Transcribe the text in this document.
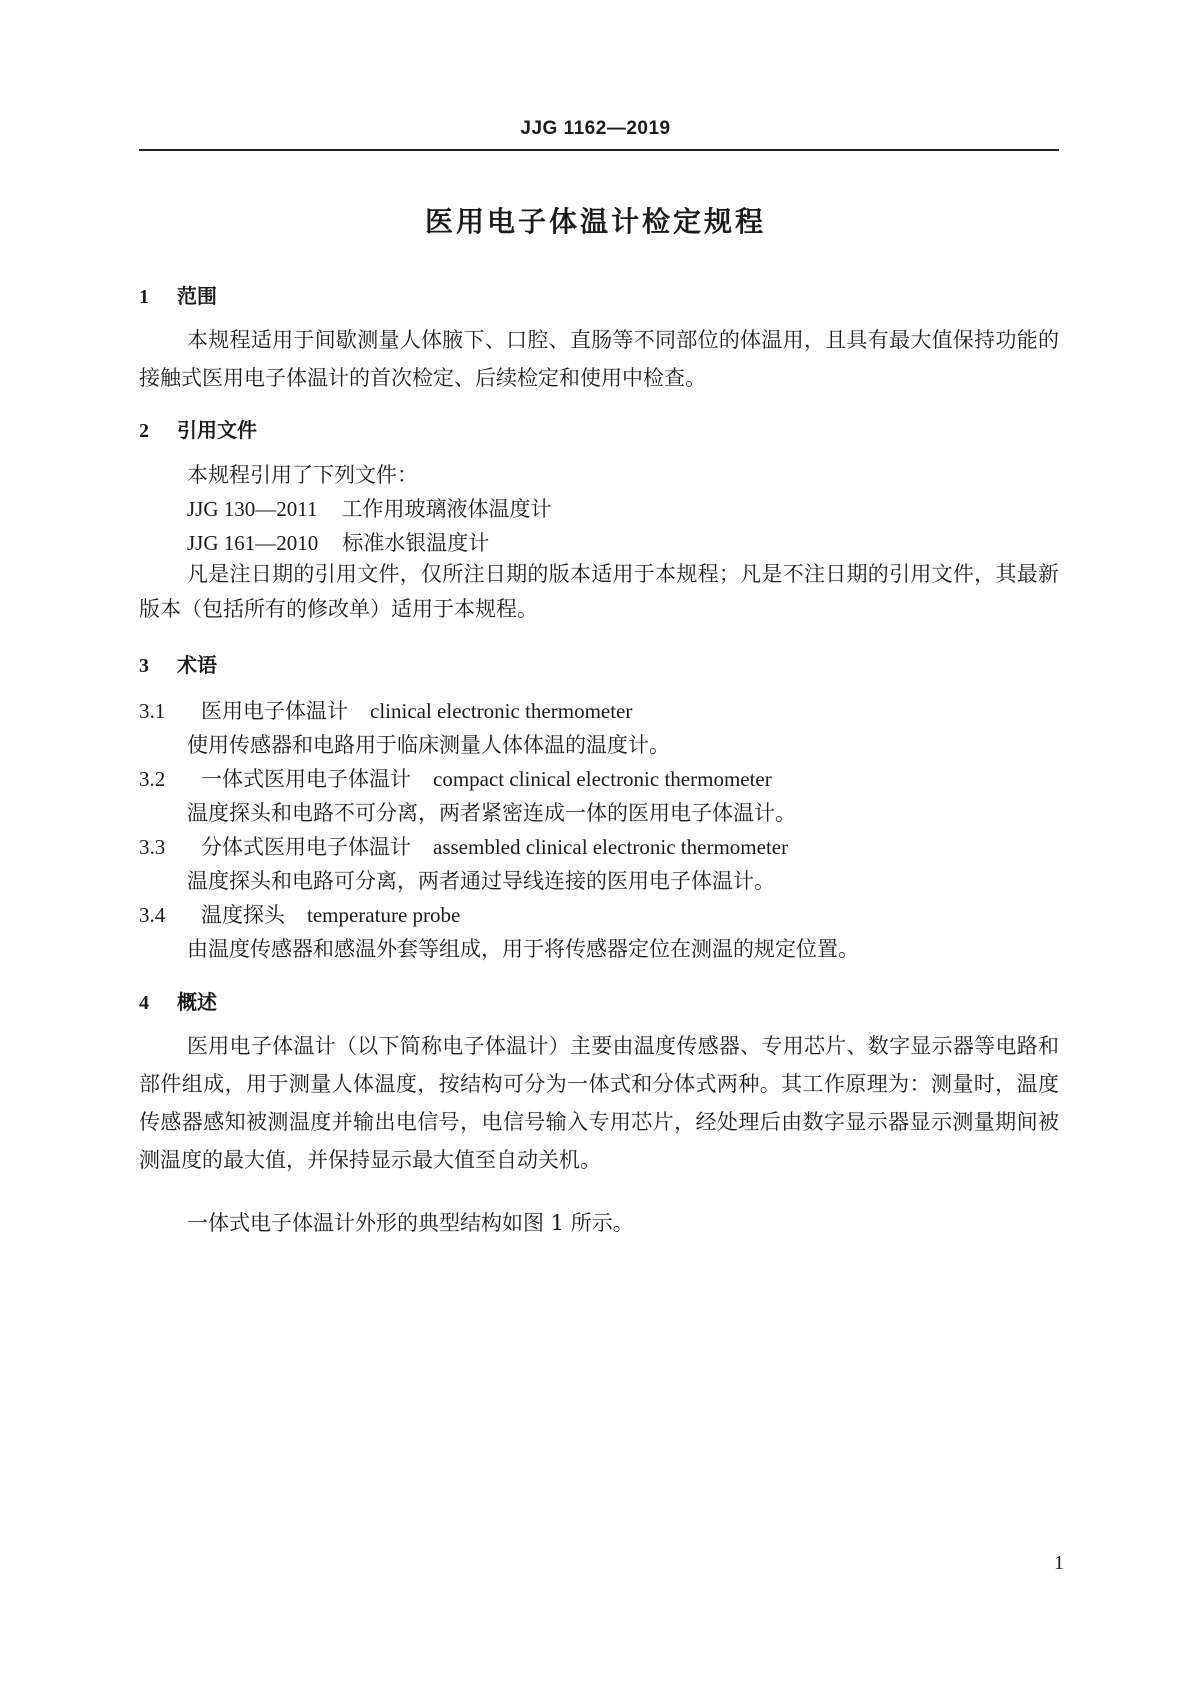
JJG 1162—2019
医用电子体温计检定规程
1 范围
本规程适用于间歇测量人体腋下、口腔、直肠等不同部位的体温用，且具有最大值保持功能的接触式医用电子体温计的首次检定、后续检定和使用中检查。
2 引用文件
本规程引用了下列文件：
JJG 130—2011 工作用玻璃液体温度计
JJG 161—2010 标准水银温度计
凡是注日期的引用文件，仅所注日期的版本适用于本规程；凡是不注日期的引用文件，其最新版本（包括所有的修改单）适用于本规程。
3 术语
3.1 医用电子体温计 clinical electronic thermometer
使用传感器和电路用于临床测量人体体温的温度计。
3.2 一体式医用电子体温计 compact clinical electronic thermometer
温度探头和电路不可分离，两者紧密连成一体的医用电子体温计。
3.3 分体式医用电子体温计 assembled clinical electronic thermometer
温度探头和电路可分离，两者通过导线连接的医用电子体温计。
3.4 温度探头 temperature probe
由温度传感器和感温外套等组成，用于将传感器定位在测温的规定位置。
4 概述
医用电子体温计（以下简称电子体温计）主要由温度传感器、专用芯片、数字显示器等电路和部件组成，用于测量人体温度，按结构可分为一体式和分体式两种。其工作原理为：测量时，温度传感器感知被测温度并输出电信号，电信号输入专用芯片，经处理后由数字显示器显示测量期间被测温度的最大值，并保持显示最大值至自动关机。
一体式电子体温计外形的典型结构如图 1 所示。
1
